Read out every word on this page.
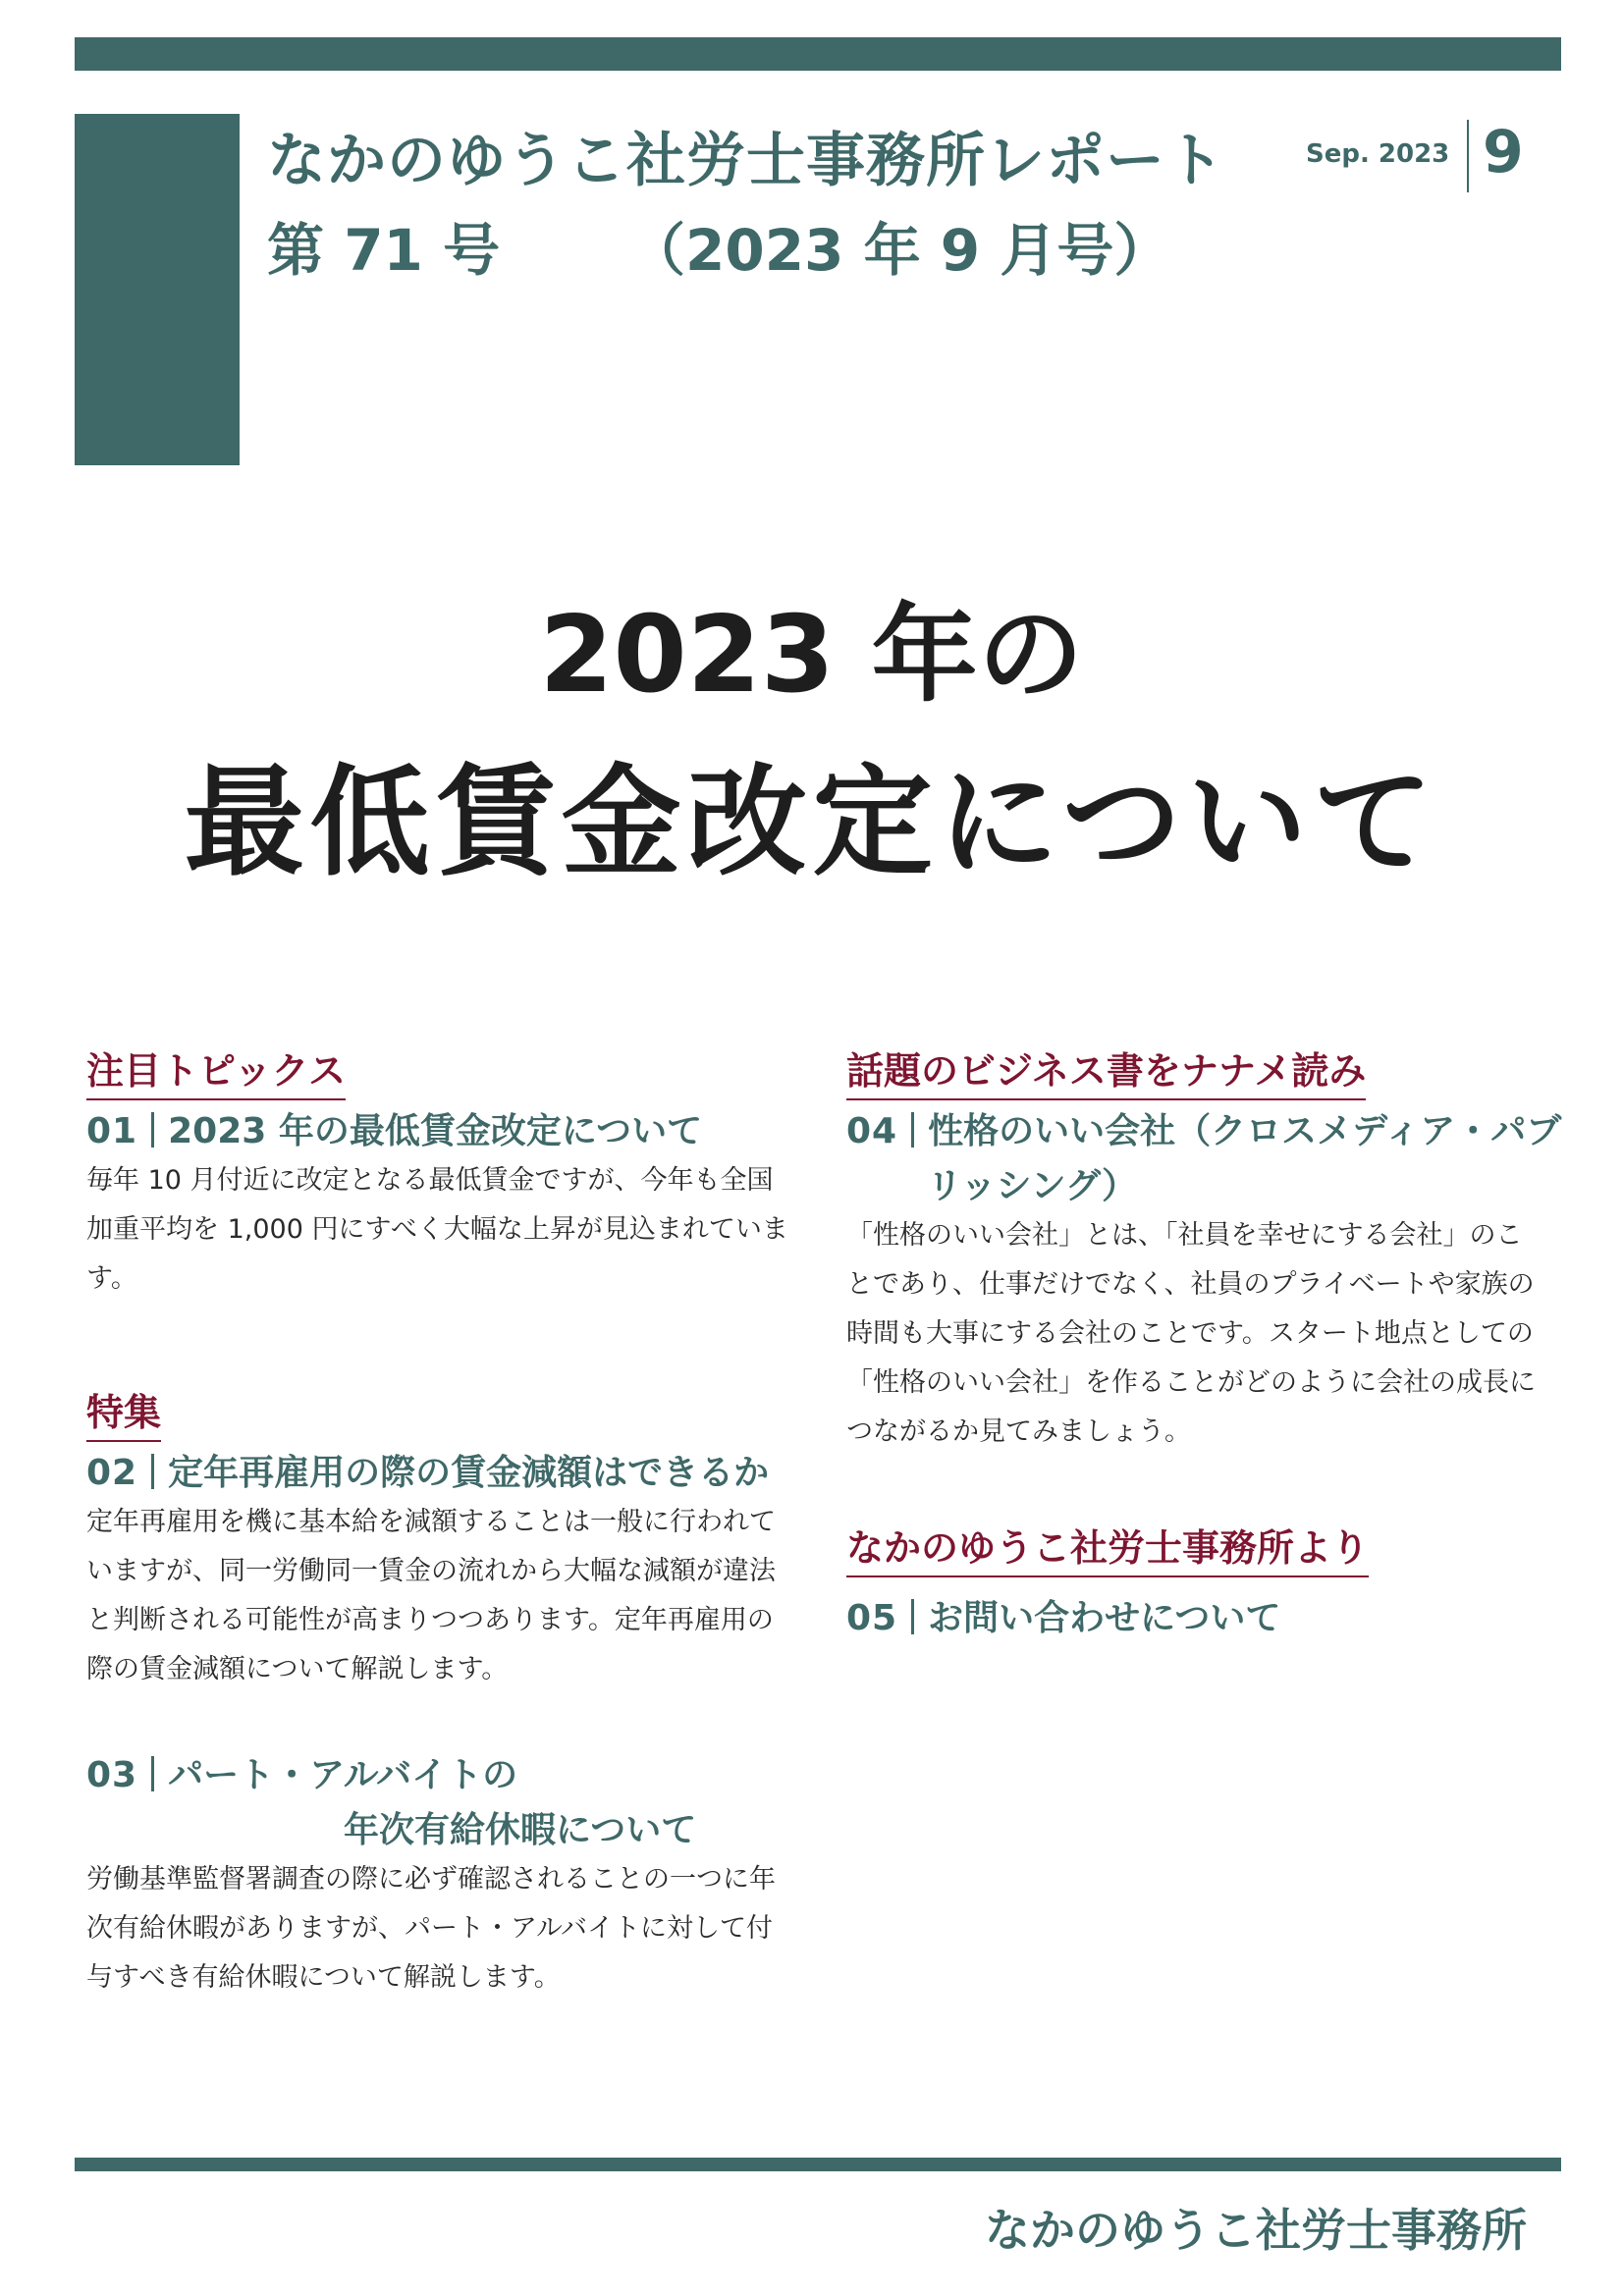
なかのゆうこ社労士事務所レポート
第 71 号 （2023 年 9 月号）
Sep. 2023 9
2023 年の
最低賃金改定について
注目トピックス
01 2023 年の最低賃金改定について

毎年 10 月付近に改定となる最低賃金ですが、今年も全国加重平均を 1,000 円にすべく大幅な上昇が見込まれています。

特集
02 定年再雇用の際の賃金減額はできるか

定年再雇用を機に基本給を減額することは一般に行われていますが、同一労働同一賃金の流れから大幅な減額が違法と判断される可能性が高まりつつあります。定年再雇用の際の賃金減額について解説します。

03 パート・アルバイトの
年次有給休暇について

労働基準監督署調査の際に必ず確認されることの一つに年次有給休暇がありますが、パート・アルバイトに対して付与すべき有給休暇について解説します。

話題のビジネス書をナナメ読み
04 性格のいい会社（クロスメディア・パブ
リッシング）

「性格のいい会社」とは、「社員を幸せにする会社」のことであり、仕事だけでなく、社員のプライベートや家族の時間も大事にする会社のことです。スタート地点としての「性格のいい会社」を作ることがどのように会社の成長につながるか見てみましょう。

なかのゆうこ社労士事務所より
05 お問い合わせについて
なかのゆうこ社労士事務所
